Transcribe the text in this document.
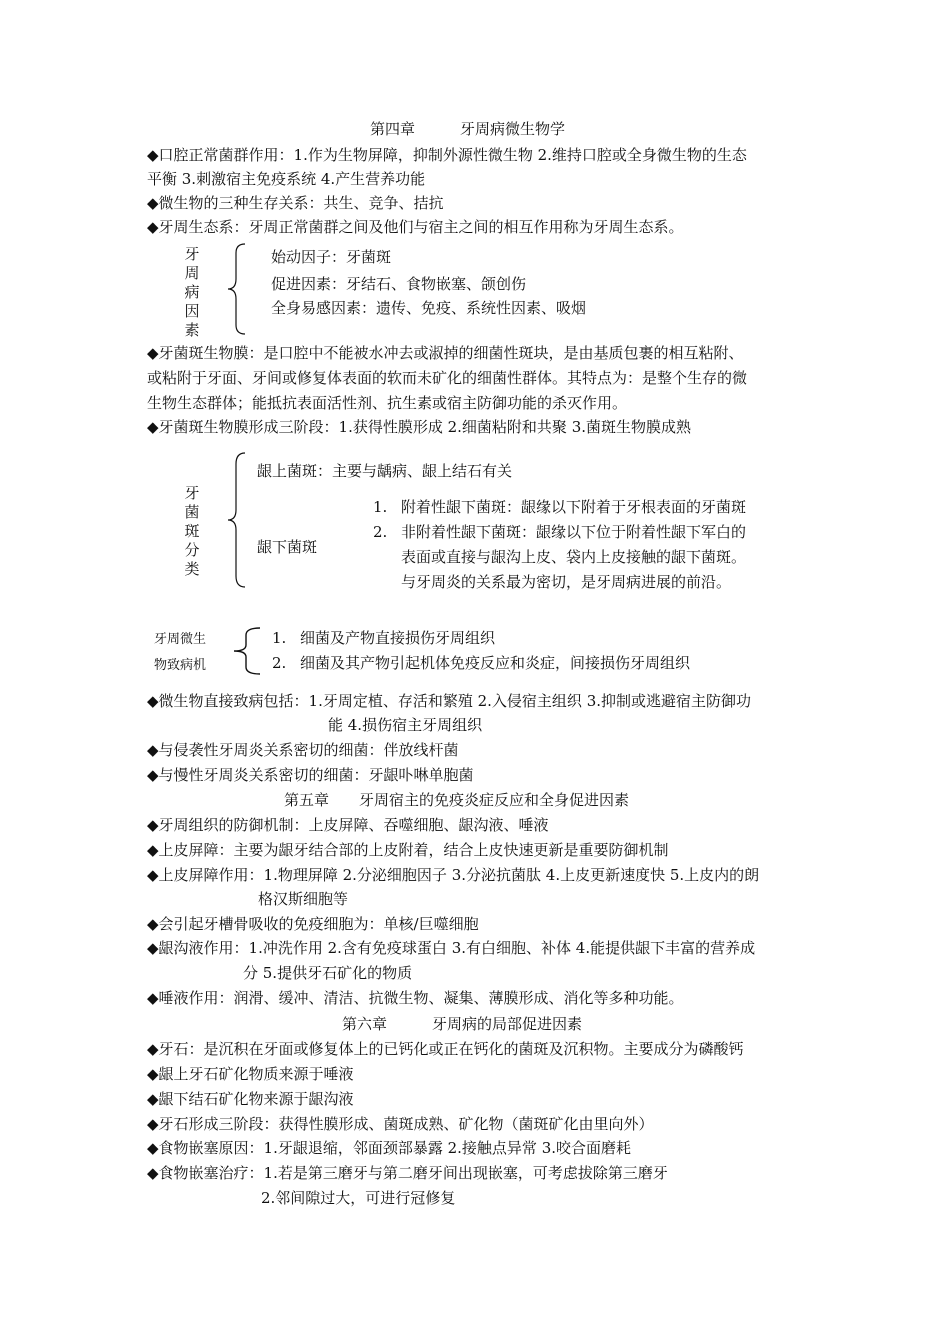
第四章　　　牙周病微生物学
◆口腔正常菌群作用：1.作为生物屏障，抑制外源性微生物 2.维持口腔或全身微生物的生态
平衡 3.刺激宿主免疫系统 4.产生营养功能
◆微生物的三种生存关系：共生、竞争、拮抗
◆牙周生态系：牙周正常菌群之间及他们与宿主之间的相互作用称为牙周生态系。
牙周病因素
始动因子：牙菌斑
促进因素：牙结石、食物嵌塞、颌创伤
全身易感因素：遗传、免疫、系统性因素、吸烟
◆牙菌斑生物膜：是口腔中不能被水冲去或淑掉的细菌性斑块，是由基质包裹的相互粘附、
或粘附于牙面、牙间或修复体表面的软而未矿化的细菌性群体。其特点为：是整个生存的微
生物生态群体；能抵抗表面活性剂、抗生素或宿主防御功能的杀灭作用。
◆牙菌斑生物膜形成三阶段：1.获得性膜形成 2.细菌粘附和共聚 3.菌斑生物膜成熟
牙菌斑分类
龈上菌斑：主要与龋病、龈上结石有关
龈下菌斑
1. 附着性龈下菌斑：龈缘以下附着于牙根表面的牙菌斑
2. 非附着性龈下菌斑：龈缘以下位于附着性龈下军白的
表面或直接与龈沟上皮、袋内上皮接触的龈下菌斑。
与牙周炎的关系最为密切，是牙周病进展的前沿。
牙周微生
物致病机
1. 细菌及产物直接损伤牙周组织
2. 细菌及其产物引起机体免疫反应和炎症，间接损伤牙周组织
◆微生物直接致病包括：1.牙周定植、存活和繁殖 2.入侵宿主组织 3.抑制或逃避宿主防御功
能 4.损伤宿主牙周组织
◆与侵袭性牙周炎关系密切的细菌：伴放线杆菌
◆与慢性牙周炎关系密切的细菌：牙龈卟啉单胞菌
第五章　　牙周宿主的免疫炎症反应和全身促进因素
◆牙周组织的防御机制：上皮屏障、吞噬细胞、龈沟液、唾液
◆上皮屏障：主要为龈牙结合部的上皮附着，结合上皮快速更新是重要防御机制
◆上皮屏障作用：1.物理屏障 2.分泌细胞因子 3.分泌抗菌肽 4.上皮更新速度快 5.上皮内的朗
格汉斯细胞等
◆会引起牙槽骨吸收的免疫细胞为：单核/巨噬细胞
◆龈沟液作用：1.冲洗作用 2.含有免疫球蛋白 3.有白细胞、补体 4.能提供龈下丰富的营养成
分 5.提供牙石矿化的物质
◆唾液作用：润滑、缓冲、清洁、抗微生物、凝集、薄膜形成、消化等多种功能。
第六章　　　牙周病的局部促进因素
◆牙石：是沉积在牙面或修复体上的已钙化或正在钙化的菌斑及沉积物。主要成分为磷酸钙
◆龈上牙石矿化物质来源于唾液
◆龈下结石矿化物来源于龈沟液
◆牙石形成三阶段：获得性膜形成、菌斑成熟、矿化物（菌斑矿化由里向外）
◆食物嵌塞原因：1.牙龈退缩，邻面颈部暴露 2.接触点异常 3.咬合面磨耗
◆食物嵌塞治疗：1.若是第三磨牙与第二磨牙间出现嵌塞，可考虑拔除第三磨牙
2.邻间隙过大，可进行冠修复
